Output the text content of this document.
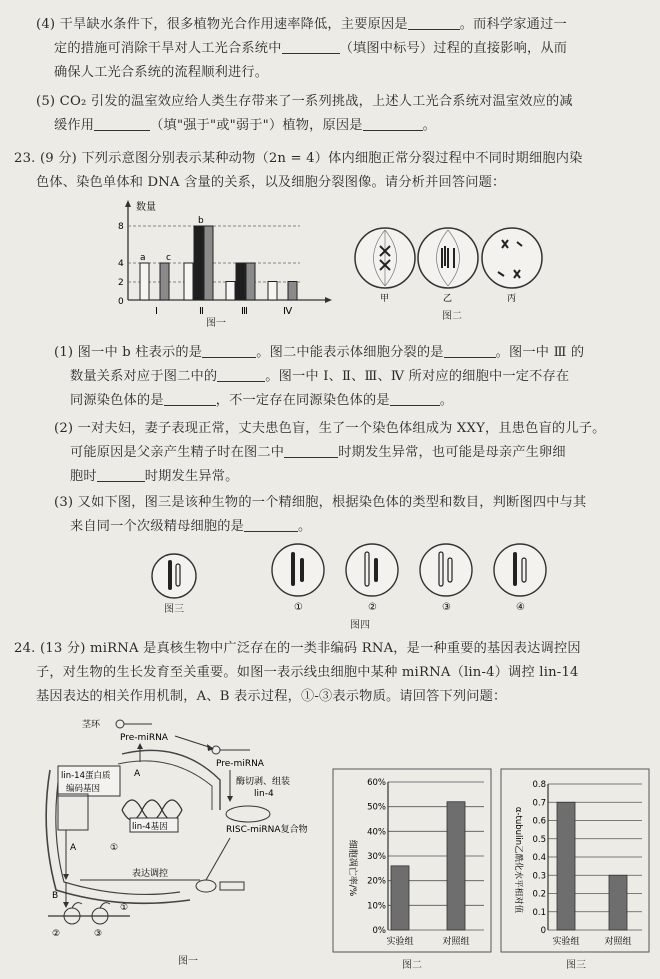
(4) 干旱缺水条件下，很多植物光合作用速率降低，主要原因是	。而科学家通过一
定的措施可消除干旱对人工光合系统中	（填图中标号）过程的直接影响，从而
确保人工光合系统的流程顺利进行。
(5) CO₂ 引发的温室效应给人类生存带来了一系列挑战，上述人工光合系统对温室效应的减
缓作用	（填"强于"或"弱于"）植物，原因是	。
23. (9 分) 下列示意图分别表示某种动物（2n = 4）体内细胞正常分裂过程中不同时期细胞内染
色体、染色单体和 DNA 含量的关系，以及细胞分裂图像。请分析并回答问题：
数量
8
4
2
0
a
b
c
Ⅰ	Ⅱ	Ⅲ	Ⅳ
图一
甲	乙	丙
图二
(1) 图一中 b 柱表示的是	。图二中能表示体细胞分裂的是	。图一中 Ⅲ 的
数量关系对应于图二中的	。图一中 Ⅰ、Ⅱ、Ⅲ、Ⅳ 所对应的细胞中一定不存在
同源染色体的是	，不一定存在同源染色体的是	。
(2) 一对夫妇，妻子表现正常，丈夫患色盲，生了一个染色体组成为 XXY，且患色盲的儿子。
可能原因是父亲产生精子时在图二中	时期发生异常，也可能是母亲产生卵细
胞时	时期发生异常。
(3) 又如下图，图三是该种生物的一个精细胞，根据染色体的类型和数目，判断图四中与其
来自同一个次级精母细胞的是	。
①	②	③	④
图三
图四
24. (13 分) miRNA 是真核生物中广泛存在的一类非编码 RNA，是一种重要的基因表达调控因
子，对生物的生长发育至关重要。如图一表示线虫细胞中某种 miRNA（lin-4）调控 lin-14
基因表达的相关作用机制，A、B 表示过程，①-③表示物质。请回答下列问题：
茎环
Pre-miRNA
Pre-miRNA
lin-14蛋白质
编码基因
lin-4基因
A
酶切剥、组装
lin-4
RISC-miRNA复合物
A	①
表达调控
B
①
②	③
图一
0%
10%
20%
30%
40%
50%
60%
细胞凋亡率/%
实验组	对照组
图二
0
0.1
0.2
0.3
0.4
0.5
0.6
0.7
0.8
α-tubulin乙酰化水平相对值
实验组	对照组
图三
